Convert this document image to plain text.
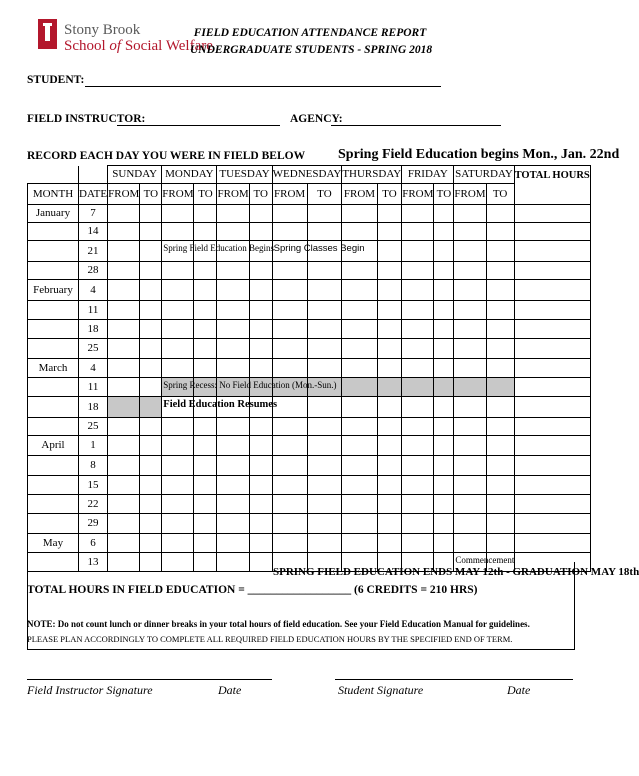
Stony Brook
School of Social Welfare
FIELD EDUCATION ATTENDANCE REPORT
UNDERGRADUATE STUDENTS - SPRING 2018
STUDENT:
FIELD INSTRUCTOR:	AGENCY:
RECORD EACH DAY YOU WERE IN FIELD BELOW Spring Field Education begins Mon., Jan. 22nd
		SUNDAY		MONDAY		TUESDAY		WEDNESDAY		THURSDAY		FRIDAY		SATURDAY		TOTAL HOURS
MONTH	DATE	FROM	TO	FROM	TO	FROM	TO	FROM	TO	FROM	TO	FROM	TO	FROM	TO	
January	7															
	14															
	21			Spring Field Education Begins				Spring Classes Begin								

	28															
February	4															
	11															
	18															
	25															
March	4															
	11			Spring Recess: No Field Education (Mon.-Sun.)												

	18			Field Education Resumes												

	25															
April	1															
	8															
	15															
	22															
	29															
May	6															
	13													Commencement		

SPRING FIELD EDUCATION ENDS MAY 12th - GRADUATION MAY 18th
TOTAL HOURS IN FIELD EDUCATION = __________________ (6 CREDITS = 210 HRS)
NOTE: Do not count lunch or dinner breaks in your total hours of field education. See your Field Education Manual for guidelines.
PLEASE PLAN ACCORDINGLY TO COMPLETE ALL REQUIRED FIELD EDUCATION HOURS BY THE SPECIFIED END OF TERM.
Field Instructor Signature	Date	Student Signature	Date
